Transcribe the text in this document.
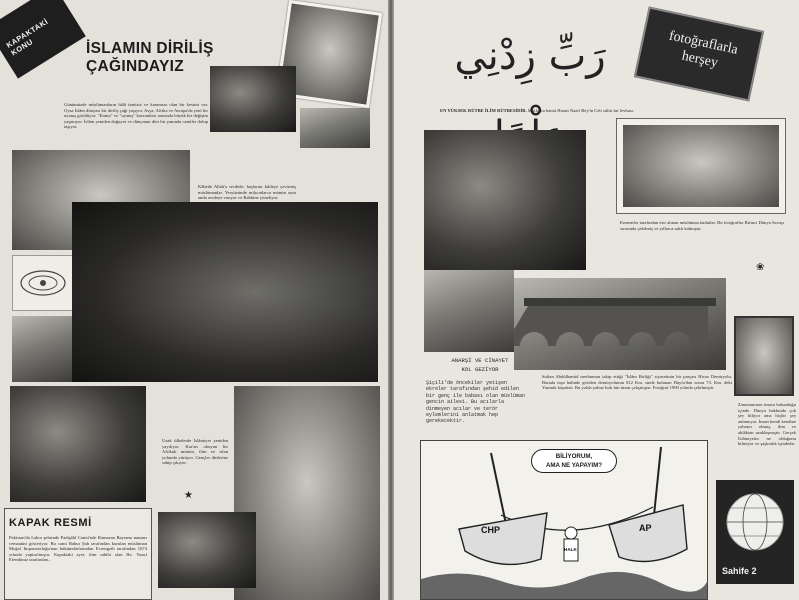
KAPAKTAKİ KONU	İSLAMIN DİRİLİŞ
ÇAĞINDAYIZ
Günümüzde müslümanların hâlâ ümitsiz ve karamsar olan bir kesimi var. Oysa İslâm dünyası bir diriliş çağı yaşıyor. Asya, Afrika ve Avrupa'da yeni bir uyanış görülüyor. "Kamu" ve "uyanış" kavramları arasında büyük bir değişim yaşanıyor. İslâm yeniden doğuyor ve dünyanın dört bir yanında camiler dolup taşıyor.
Kâbede Allah'a secdede, başlarını kıbleye çevirmiş müslümanlar. Yeryüzünde milyonlarca mümin aynı anda secdeye varıyor ve Rabbine yöneliyor.
Uzak ülkelerde İslâmiyet yeniden yayılıyor. Kur'an okuyan bir Afrikalı mümin, ilim ve irfan yolunda yürüyor. Gençler dinlerine sahip çıkıyor.
★
KAPAK RESMİ
Pakistan'da Lahor şehrinde Padişâhî Camii'nde Ramazan Bayramı namazı cemaatini gösteriyor. Bu cami Babur Şah tarafından kurulan müslüman Moğol İmparatorluğu'nun hükümdarlarından Evrengzib tarafından 1674 yılında yaptırılmıştır. Kapaktaki ayet, ilim sahibi olan Hz. Yusuf Efendimiz tarafından...
رَبِّ زِدْنِي	fotoğraflarla herşey
EN YÜKSEK RÜTBE İLİM RÜTBESİDİR. Mutfakta hattat Hasan Nazif Bey'in Celi sülüs bir levhası.
Ermeniler tarafından esir alınan müslüman kadınlar. Bu fotoğraflar Birinci Dünya Savaşı sırasında çekilmiş ve yıllarca saklı kalmıştır.
❀
ANARŞİ VE CİNAYET
KOL GEZİYOR
Şiçili'de öncekiler yetişen ekreler tarafından şehid edilen bir genç ile babası olan müslüman gencin ailesi. Bu acılarla dinmeyen acılar ve terör eylemlerini anlatmak hep gerekecektir.
Sultan Abdülhamid merhumun takip ettiği "İslâm Birliği" siyasetinin bir parçası Hicaz Demiryolu. Burada inşa halinde görülen demiryolunun 812 Km. sinde bulunan Hayfa'dan sonra 73. Km. deki Yarmuk köprüsü. Bu yolda yalnız kırk bin insan çalışmıştır. Fotoğraf 1900 yılında çekilmiştir.
Zamanımızın insanı bulunduğu içinde. Dünya hakkında çok şey biliyor ama hiçbir şey anlamıyor. İnsan kendi kendine yabancı olmuş, ilim ve ahlâktan uzaklaşmıştır. Gerçek İslâmiyetin ne olduğunu bilmiyor ve şaşkınlık içindedir.
BİLİYORUM,
AMA NE YAPAYIM?
CHP	AP
HALK
Sahife 2
